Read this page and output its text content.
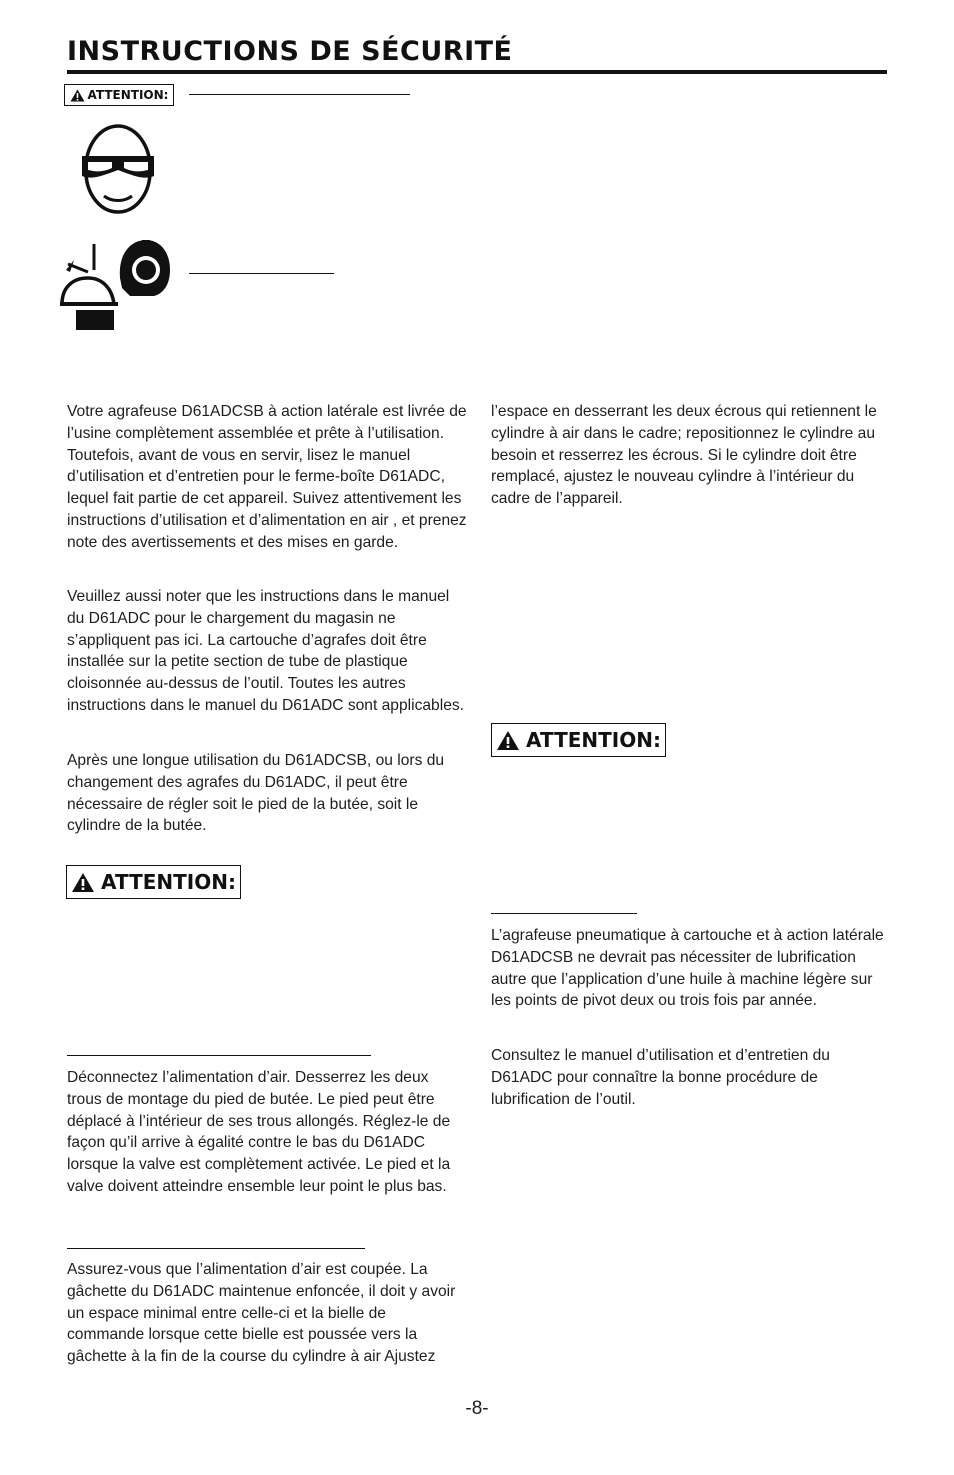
INSTRUCTIONS DE SÉCURITÉ
ATTENTION:

Votre agrafeuse D61ADCSB à action latérale est livrée de l’usine complètement assemblée et prête à l’utilisation. Toutefois, avant de vous en servir, lisez le manuel d’utilisation et d’entretien pour le ferme-boîte D61ADC, lequel fait partie de cet appareil. Suivez attentivement les instructions d’utilisation et d’alimentation en air , et prenez note des avertissements et des mises en garde.

Veuillez aussi noter que les instructions dans le manuel du D61ADC pour le chargement du magasin ne s’appliquent pas ici. La cartouche d’agrafes doit être installée sur la petite section de tube de plastique cloisonnée au-dessus de l’outil. Toutes les autres instructions dans le manuel du D61ADC sont applicables.

Après une longue utilisation du D61ADCSB, ou lors du changement des agrafes du D61ADC, il peut être nécessaire de régler soit le pied de la butée, soit le cylindre de la butée.

ATTENTION:

Déconnectez l’alimentation d’air. Desserrez les deux trous de montage du pied de butée. Le pied peut être déplacé à l’intérieur de ses trous allongés. Réglez-le de façon qu’il arrive à égalité contre le bas du D61ADC lorsque la valve est complètement activée. Le pied et la valve doivent atteindre ensemble leur point le plus bas.

Assurez-vous que l’alimentation d’air est coupée. La gâchette du D61ADC maintenue enfoncée, il doit y avoir un espace minimal entre celle-ci et la bielle de commande lorsque cette bielle est poussée vers la gâchette à la fin de la course du cylindre à air Ajustez

l’espace en desserrant les deux écrous qui retiennent le cylindre à air dans le cadre; repositionnez le cylindre au besoin et resserrez les écrous. Si le cylindre doit être remplacé, ajustez le nouveau cylindre à l’intérieur du cadre de l’appareil.

ATTENTION:

L’agrafeuse pneumatique à cartouche et à action latérale D61ADCSB ne devrait pas nécessiter de lubrification autre que l’application d’une huile à machine légère sur les points de pivot deux ou trois fois par année.

Consultez le manuel d’utilisation et d’entretien du D61ADC pour connaître la bonne procédure de lubrification de l’outil.

-8-
